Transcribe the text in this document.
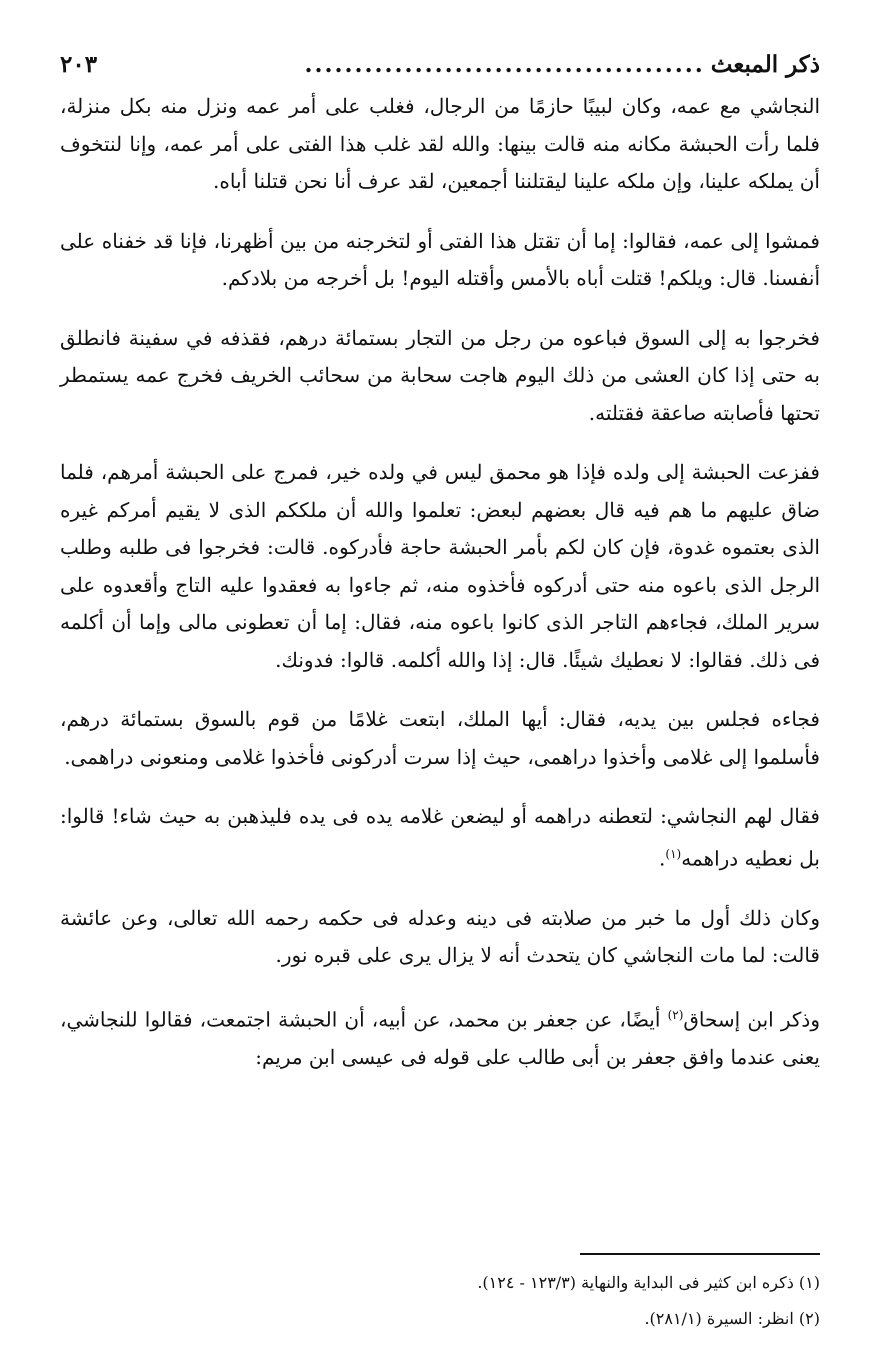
ذكر المبعث
........................................
٢٠٣

النجاشي مع عمه، وكان لبيبًا حازمًا من الرجال، فغلب على أمر عمه ونزل منه بكل منزلة، فلما رأت الحبشة مكانه منه قالت بينها: والله لقد غلب هذا الفتى على أمر عمه، وإنا لنتخوف أن يملكه علينا، وإن ملكه علينا ليقتلننا أجمعين، لقد عرف أنا نحن قتلنا أباه.

فمشوا إلى عمه، فقالوا: إما أن تقتل هذا الفتى أو لتخرجنه من بين أظهرنا، فإنا قد خفناه على أنفسنا. قال: ويلكم! قتلت أباه بالأمس وأقتله اليوم! بل أخرجه من بلادكم.

فخرجوا به إلى السوق فباعوه من رجل من التجار بستمائة درهم، فقذفه في سفينة فانطلق به حتى إذا كان العشى من ذلك اليوم هاجت سحابة من سحائب الخريف فخرج عمه يستمطر تحتها فأصابته صاعقة فقتلته.

ففزعت الحبشة إلى ولده فإذا هو محمق ليس في ولده خير، فمرج على الحبشة أمرهم، فلما ضاق عليهم ما هم فيه قال بعضهم لبعض: تعلموا والله أن ملككم الذى لا يقيم أمركم غيره الذى بعتموه غدوة، فإن كان لكم بأمر الحبشة حاجة فأدركوه. قالت: فخرجوا فى طلبه وطلب الرجل الذى باعوه منه حتى أدركوه فأخذوه منه، ثم جاءوا به فعقدوا عليه التاج وأقعدوه على سرير الملك، فجاءهم التاجر الذى كانوا باعوه منه، فقال: إما أن تعطونى مالى وإما أن أكلمه فى ذلك. فقالوا: لا نعطيك شيئًا. قال: إذا والله أكلمه. قالوا: فدونك.

فجاءه فجلس بين يديه، فقال: أيها الملك، ابتعت غلامًا من قوم بالسوق بستمائة درهم، فأسلموا إلى غلامى وأخذوا دراهمى، حيث إذا سرت أدركونى فأخذوا غلامى ومنعونى دراهمى.

فقال لهم النجاشي: لتعطنه دراهمه أو ليضعن غلامه يده فى يده فليذهبن به حيث شاء! قالوا: بل نعطيه دراهمه$^{(١)}$.

وكان ذلك أول ما خبر من صلابته فى دينه وعدله فى حكمه رحمه الله تعالى، وعن عائشة قالت: لما مات النجاشي كان يتحدث أنه لا يزال يرى على قبره نور.

وذكر ابن إسحاق$^{(٢)}$ أيضًا، عن جعفر بن محمد، عن أبيه، أن الحبشة اجتمعت، فقالوا للنجاشي، يعنى عندما وافق جعفر بن أبى طالب على قوله فى عيسى ابن مريم:

(١) ذكره ابن كثير فى البداية والنهاية (١٢٣/٣ - ١٢٤).

(٢) انظر: السيرة (٢٨١/١).
